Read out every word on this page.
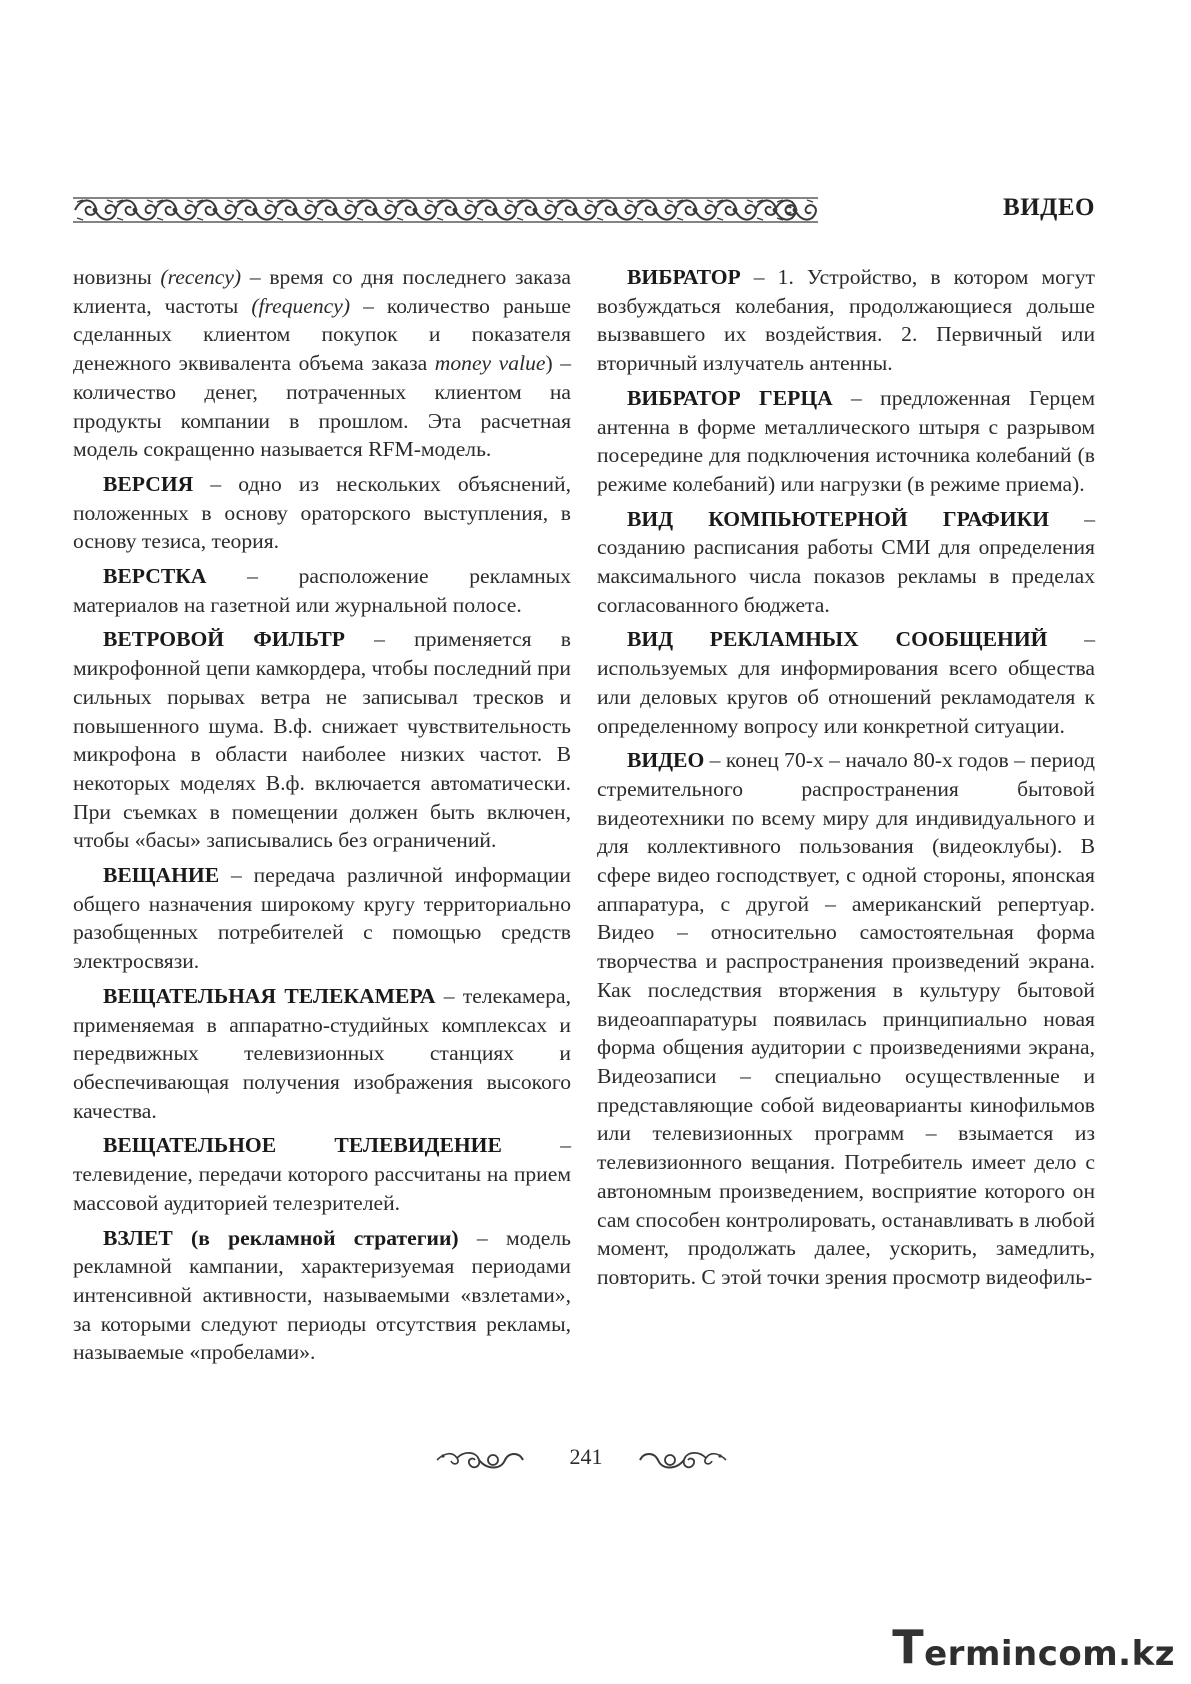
ВИДЕО

новизны (recency) – время со дня последнего заказа клиента, частоты (frequency) – количество раньше сделанных клиентом покупок и показателя денежного эквивалента объема заказа money value) – количество денег, потраченных клиентом на продукты компании в прошлом. Эта расчетная модель сокращенно называется RFM-модель.

ВЕРСИЯ – одно из нескольких объяснений, положенных в основу ораторского выступления, в основу тезиса, теория.

ВЕРСТКА – расположение рекламных материалов на газетной или журнальной полосе.

ВЕТРОВОЙ ФИЛЬТР – применяется в микрофонной цепи камкордера, чтобы последний при сильных порывах ветра не записывал тресков и повышенного шума. В.ф. снижает чувствительность микрофона в области наиболее низких частот. В некоторых моделях В.ф. включается автоматически. При съемках в помещении должен быть включен, чтобы «басы» записывались без ограничений.

ВЕЩАНИЕ – передача различной информации общего назначения широкому кругу территориально разобщенных потребителей с помощью средств электросвязи.

ВЕЩАТЕЛЬНАЯ ТЕЛЕКАМЕРА – телекамера, применяемая в аппаратно-студийных комплексах и передвижных телевизионных станциях и обеспечивающая получения изображения высокого качества.

ВЕЩАТЕЛЬНОЕ ТЕЛЕВИДЕНИЕ – телевидение, передачи которого рассчитаны на прием массовой аудиторией телезрителей.

ВЗЛЕТ (в рекламной стратегии) – модель рекламной кампании, характеризуемая периодами интенсивной активности, называемыми «взлетами», за которыми следуют периоды отсутствия рекламы, называемые «пробелами».

ВИБРАТОР – 1. Устройство, в котором могут возбуждаться колебания, продолжающиеся дольше вызвавшего их воздействия. 2. Первичный или вторичный излучатель антенны.

ВИБРАТОР ГЕРЦА – предложенная Герцем антенна в форме металлического штыря с разрывом посередине для подключения источника колебаний (в режиме колебаний) или нагрузки (в режиме приема).

ВИД КОМПЬЮТЕРНОЙ ГРАФИКИ – созданию расписания работы СМИ для определения максимального числа показов рекламы в пределах согласованного бюджета.

ВИД РЕКЛАМНЫХ СООБЩЕНИЙ – используемых для информирования всего общества или деловых кругов об отношений рекламодателя к определенному вопросу или конкретной ситуации.

ВИДЕО – конец 70-х – начало 80-х годов – период стремительного распространения бытовой видеотехники по всему миру для индивидуального и для коллективного пользования (видеоклубы). В сфере видео господствует, с одной стороны, японская аппаратура, с другой – американский репертуар. Видео – относительно самостоятельная форма творчества и распространения произведений экрана. Как последствия вторжения в культуру бытовой видеоаппаратуры появилась принципиально новая форма общения аудитории с произведениями экрана, Видеозаписи – специально осуществленные и представляющие собой видеоварианты кинофильмов или телевизионных программ – взымается из телевизионного вещания. Потребитель имеет дело с автономным произведением, восприятие которого он сам способен контролировать, останавливать в любой момент, продолжать далее, ускорить, замедлить, повторить. С этой точки зрения просмотр видеофиль-

241
T ermincom.kz
